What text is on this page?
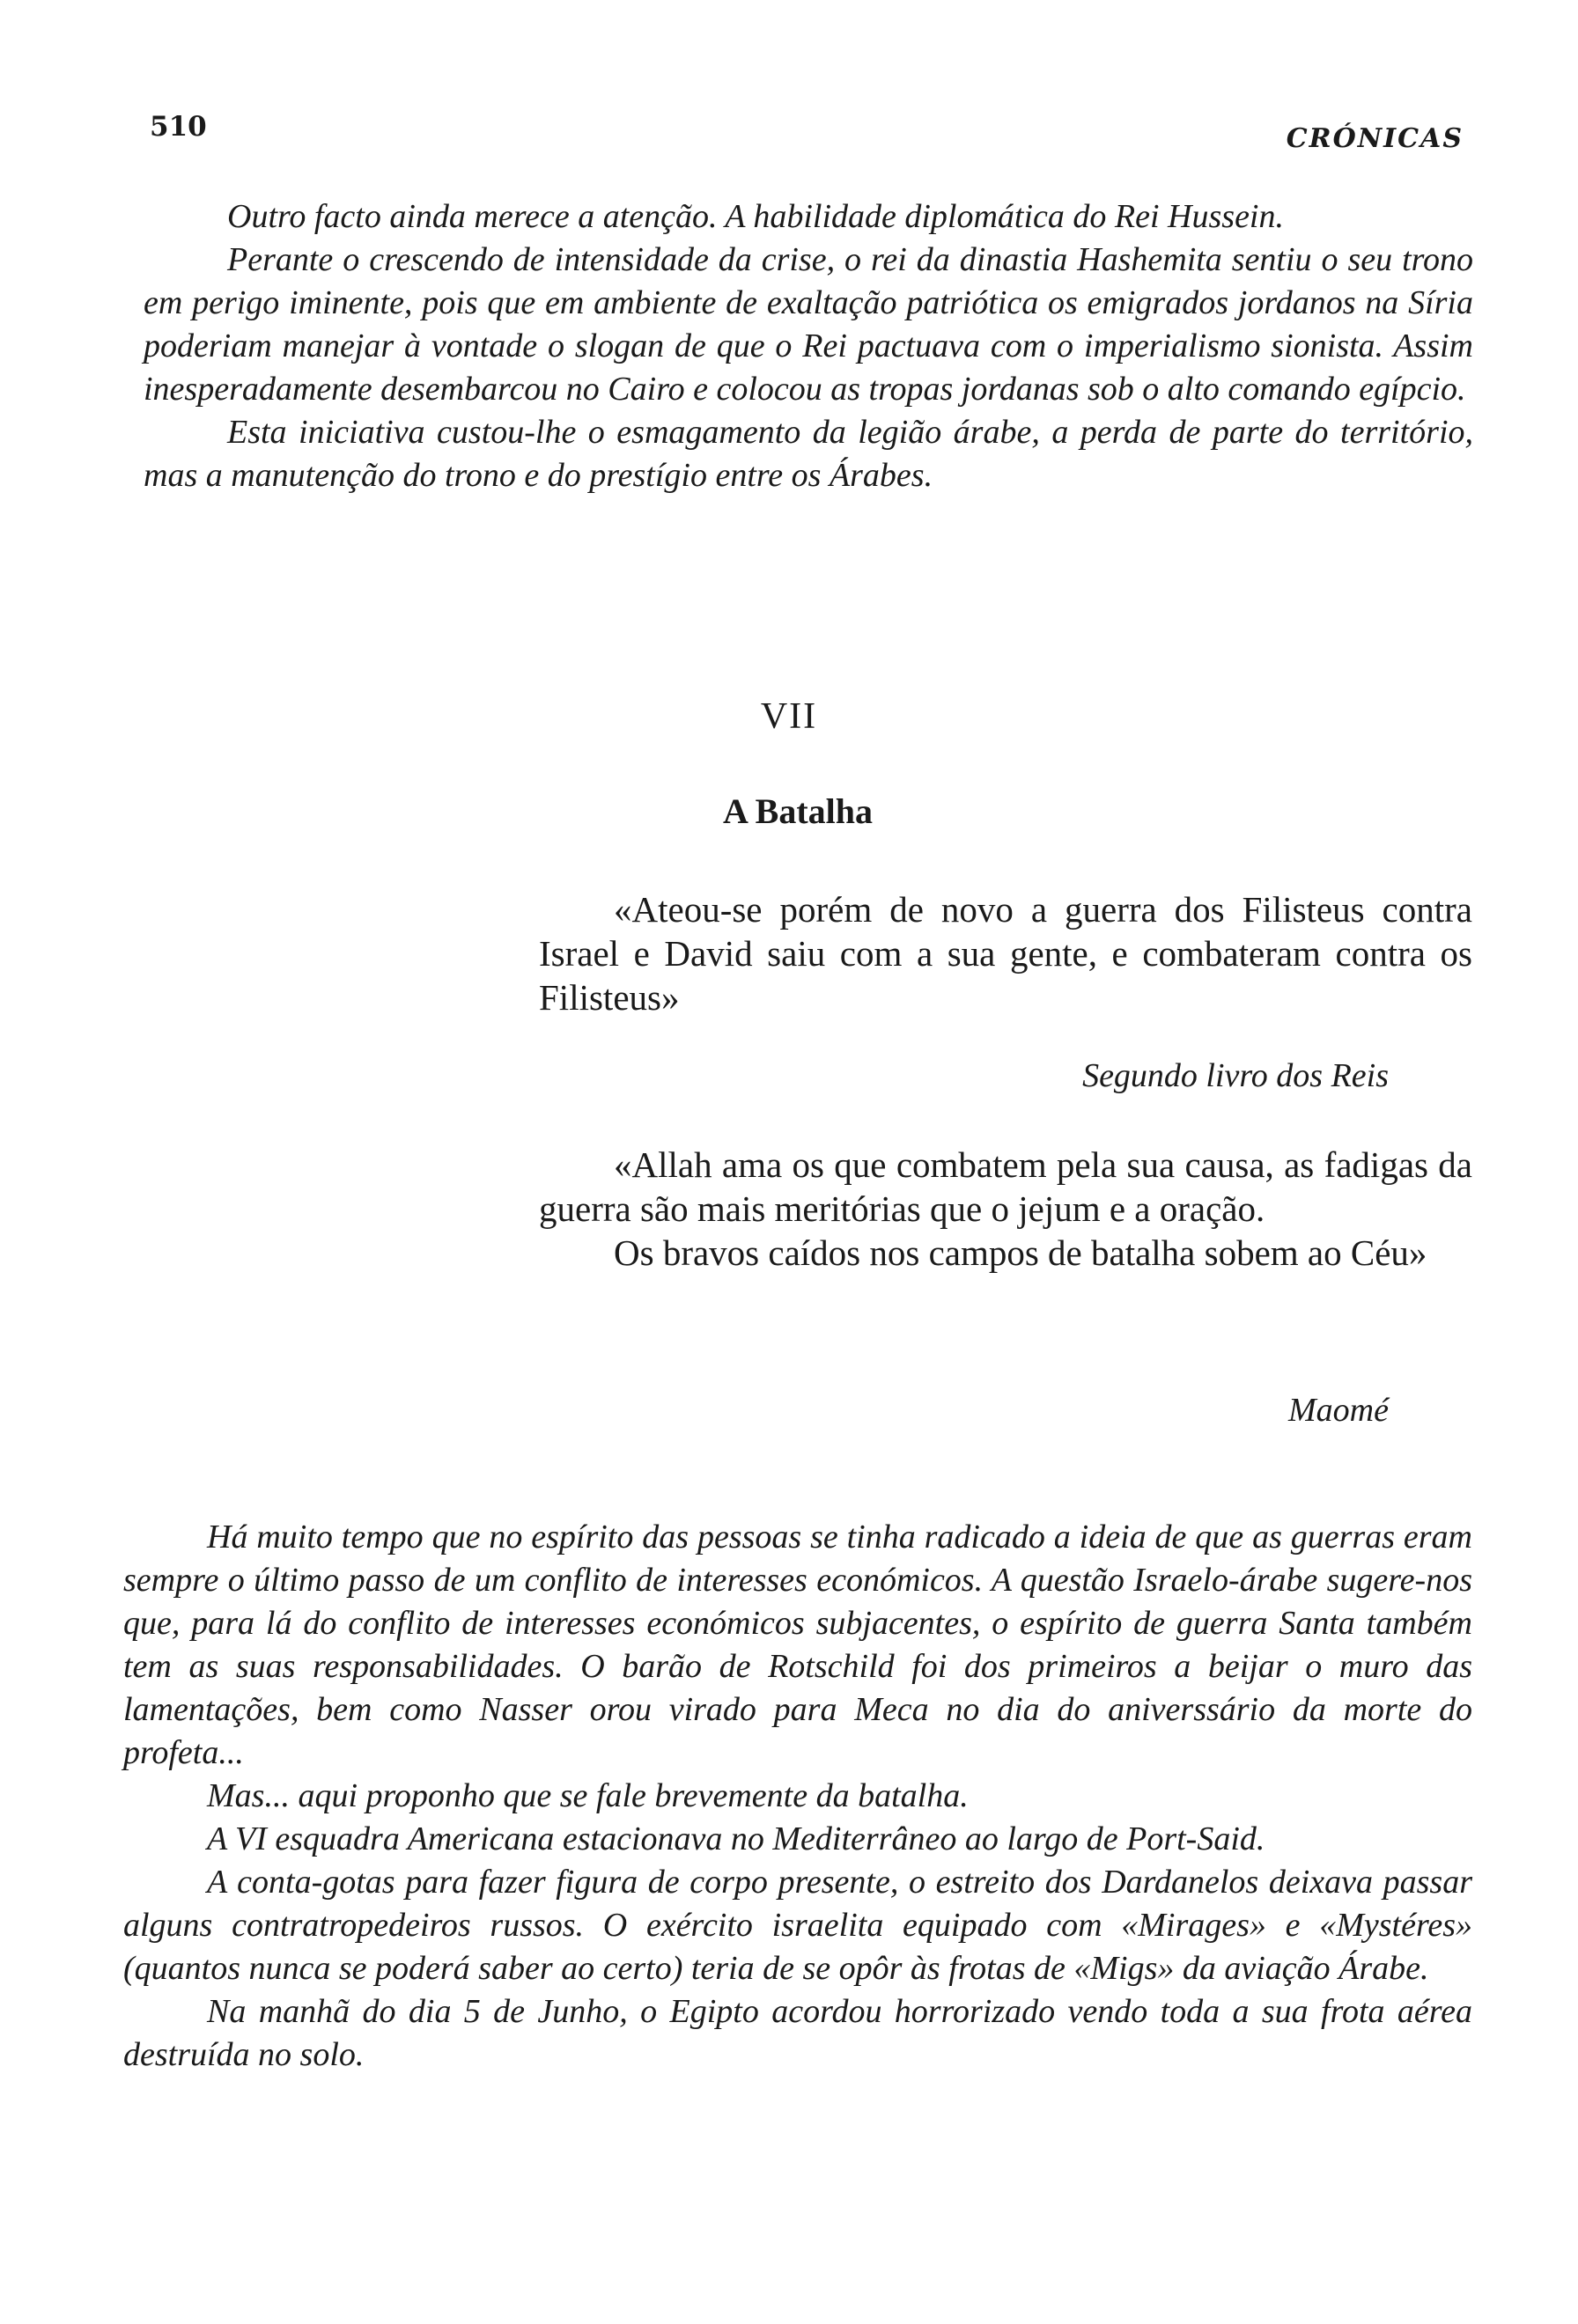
510	CRÓNICAS

Outro facto ainda merece a atenção. A habilidade diplomática do Rei Hussein.

Perante o crescendo de intensidade da crise, o rei da dinastia Hashemita sentiu o seu trono em perigo iminente, pois que em ambiente de exaltação patriótica os emigrados jordanos na Síria poderiam manejar à vontade o slogan de que o Rei pactuava com o imperialismo sionista. Assim inesperadamente desembarcou no Cairo e colocou as tropas jordanas sob o alto comando egípcio.

Esta iniciativa custou-lhe o esmagamento da legião árabe, a perda de parte do território, mas a manutenção do trono e do prestígio entre os Árabes.

VII
A Batalha

«Ateou-se porém de novo a guerra dos Filisteus contra Israel e David saiu com a sua gente, e combateram contra os Filisteus»

Segundo livro dos Reis

«Allah ama os que combatem pela sua causa, as fadigas da guerra são mais meritórias que o jejum e a oração.

Os bravos caídos nos campos de batalha sobem ao Céu»

Maomé

Há muito tempo que no espírito das pessoas se tinha radicado a ideia de que as guerras eram sempre o último passo de um conflito de interesses económicos. A questão Israelo-árabe sugere-nos que, para lá do conflito de interesses económicos subjacentes, o espírito de guerra Santa também tem as suas responsabilidades. O barão de Rotschild foi dos primeiros a beijar o muro das lamentações, bem como Nasser orou virado para Meca no dia do aniverssário da morte do profeta...

Mas... aqui proponho que se fale brevemente da batalha.

A VI esquadra Americana estacionava no Mediterrâneo ao largo de Port-Said.

A conta-gotas para fazer figura de corpo presente, o estreito dos Dardanelos deixava passar alguns contratropedeiros russos. O exército israelita equipado com «Mirages» e «Mystéres» (quantos nunca se poderá saber ao certo) teria de se opôr às frotas de «Migs» da aviação Árabe.

Na manhã do dia 5 de Junho, o Egipto acordou horrorizado vendo toda a sua frota aérea destruída no solo.
